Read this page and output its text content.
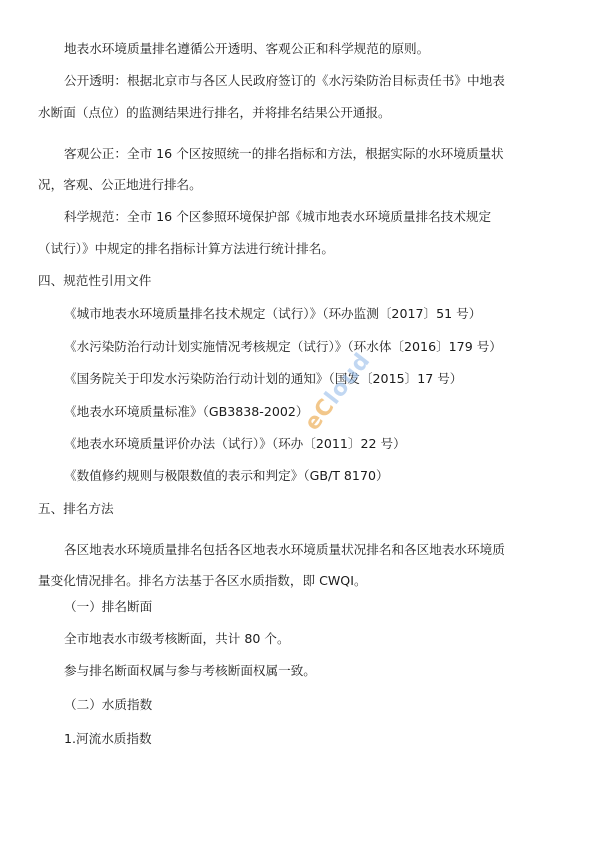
地表水环境质量排名遵循公开透明、客观公正和科学规范的原则。
公开透明：根据北京市与各区人民政府签订的《水污染防治目标责任书》中地表
水断面（点位）的监测结果进行排名，并将排名结果公开通报。
客观公正：全市 16 个区按照统一的排名指标和方法，根据实际的水环境质量状
况，客观、公正地进行排名。
科学规范：全市 16 个区参照环境保护部《城市地表水环境质量排名技术规定
（试行）》中规定的排名指标计算方法进行统计排名。
四、规范性引用文件
《城市地表水环境质量排名技术规定（试行）》（环办监测〔2017〕51 号）
《水污染防治行动计划实施情况考核规定（试行）》（环水体〔2016〕179 号）
《国务院关于印发水污染防治行动计划的通知》（国发〔2015〕17 号）
《地表水环境质量标准》（GB3838-2002）
《地表水环境质量评价办法（试行）》（环办〔2011〕22 号）
《数值修约规则与极限数值的表示和判定》（GB/T 8170）
五、排名方法
各区地表水环境质量排名包括各区地表水环境质量状况排名和各区地表水环境质
量变化情况排名。排名方法基于各区水质指数，即 CWQI。
（一）排名断面
全市地表水市级考核断面，共计 80 个。
参与排名断面权属与参与考核断面权属一致。
（二）水质指数
1.河流水质指数
eCloud
